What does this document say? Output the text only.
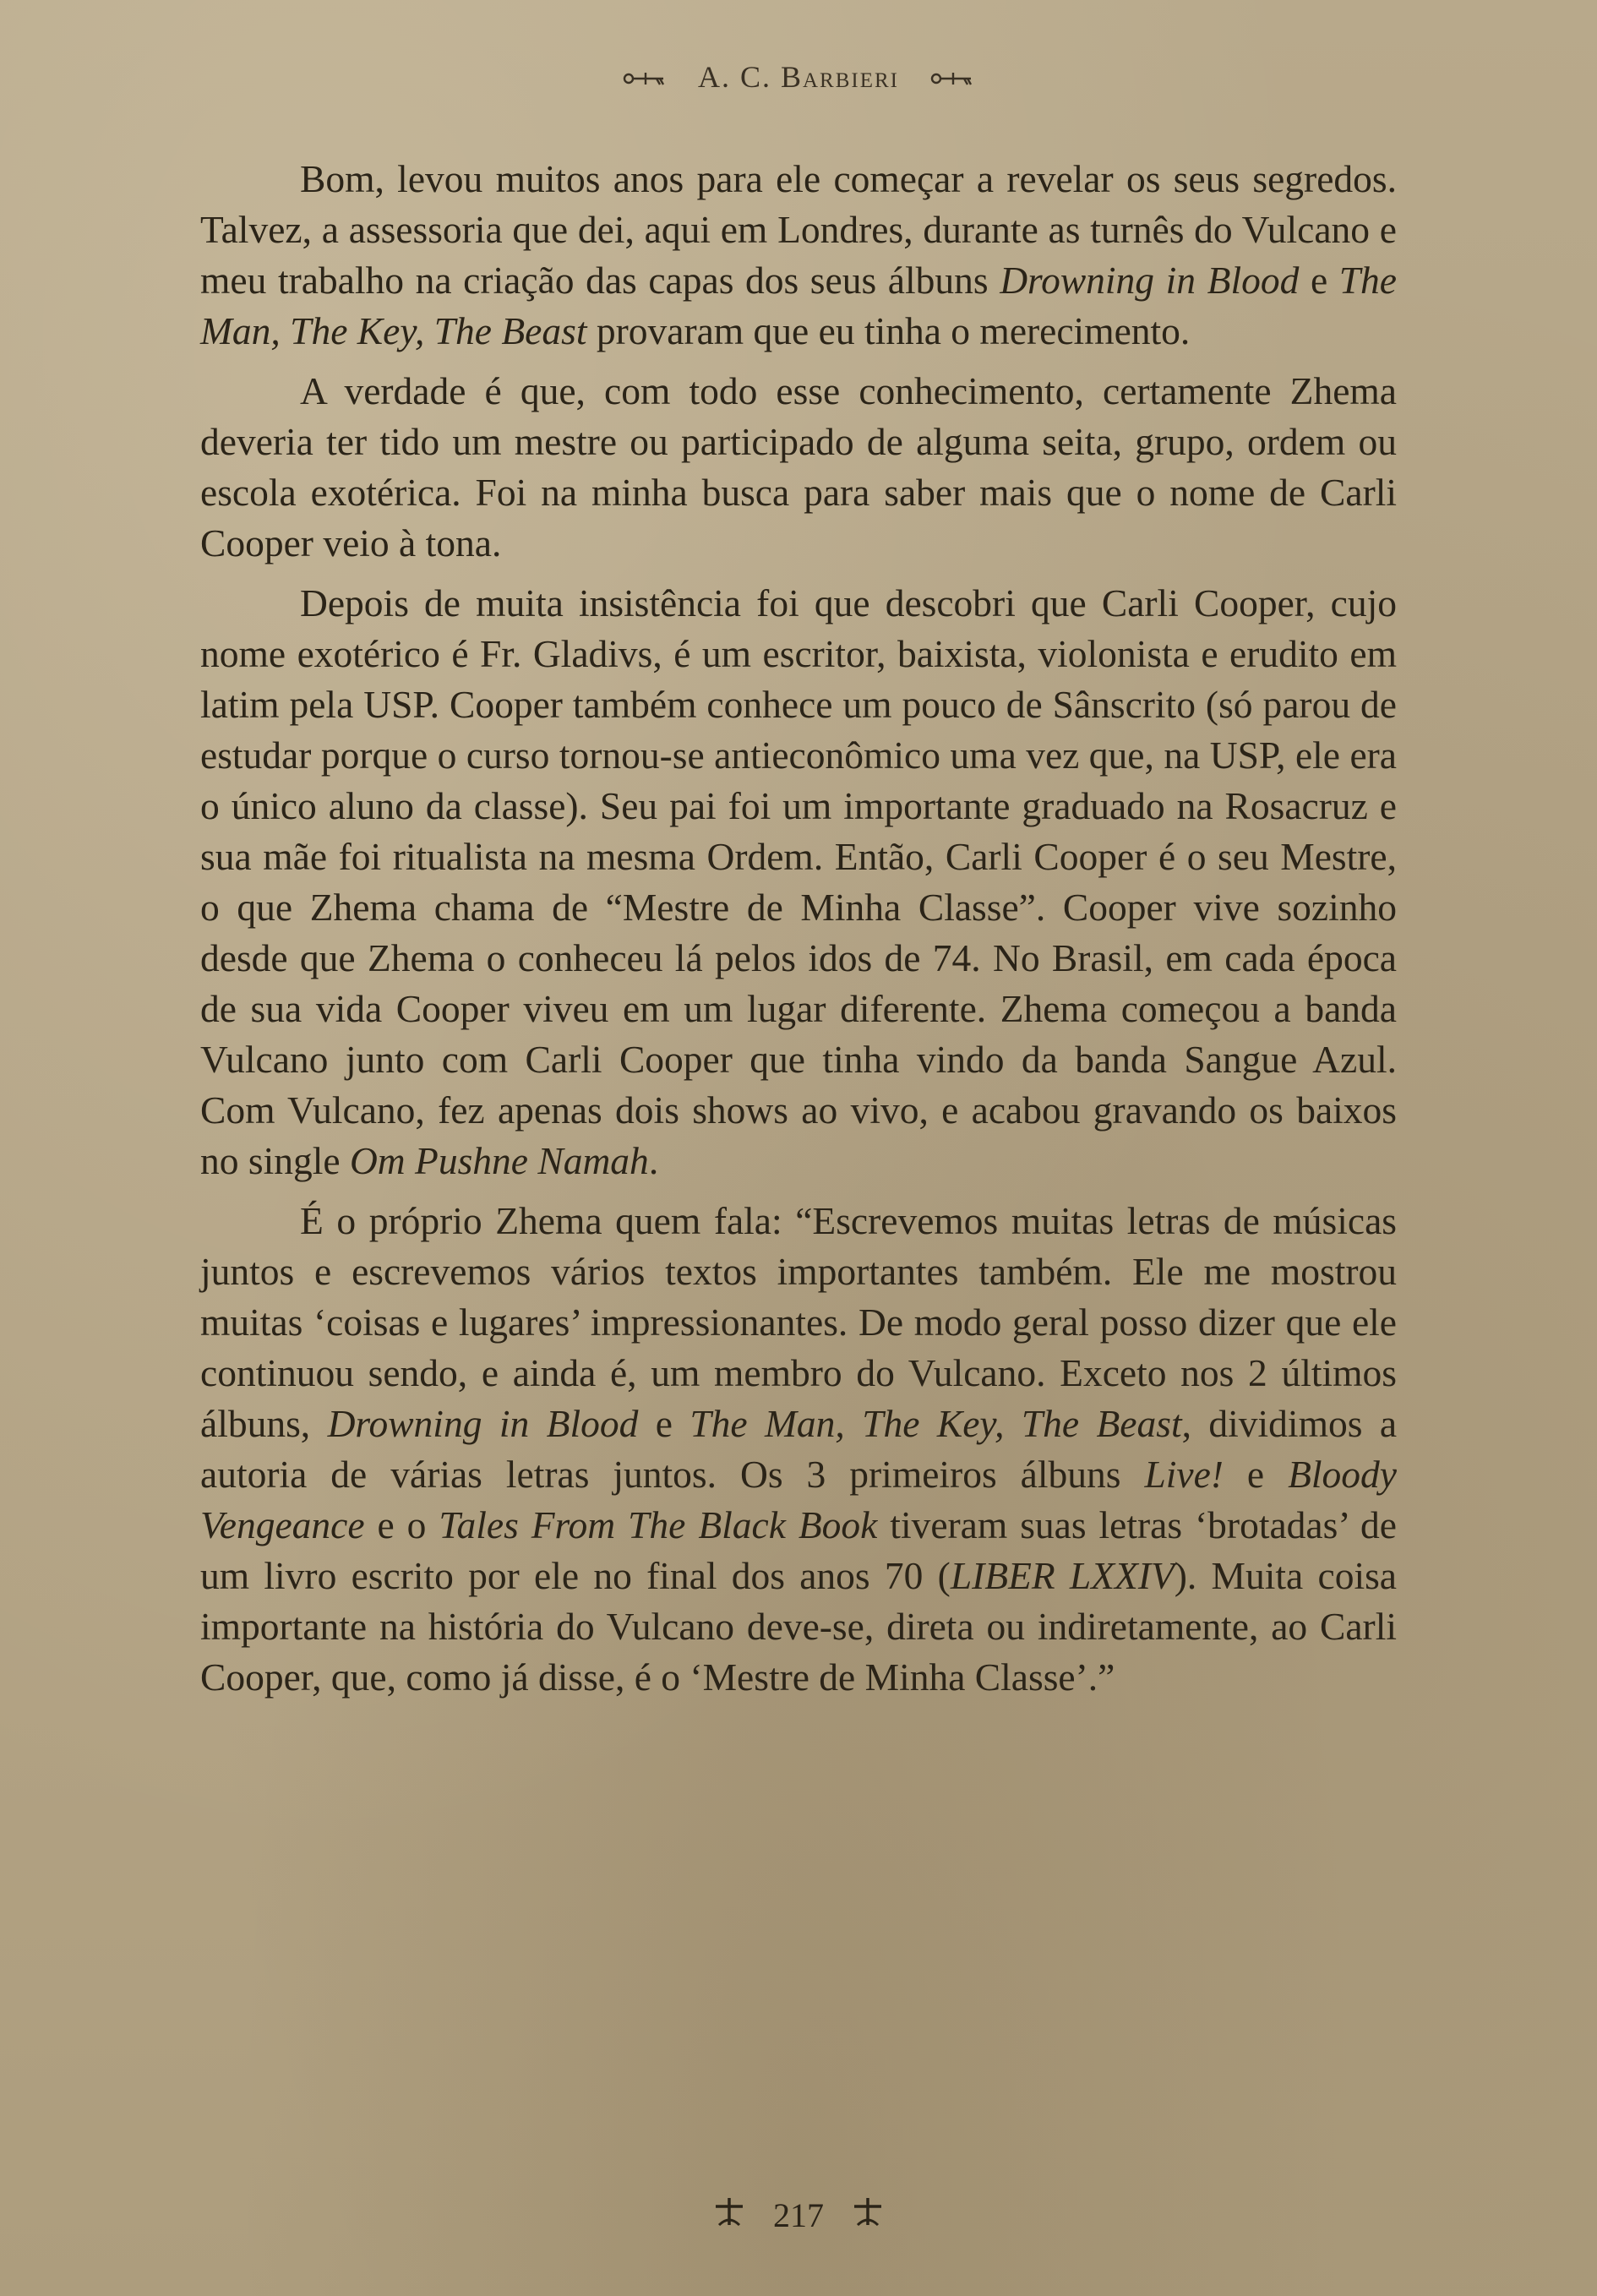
A. C. Barbieri

Bom, levou muitos anos para ele começar a revelar os seus segredos. Talvez, a assessoria que dei, aqui em Londres, durante as turnês do Vulcano e meu trabalho na criação das capas dos seus álbuns Drowning in Blood e The Man, The Key, The Beast provaram que eu tinha o merecimento.

A verdade é que, com todo esse conhecimento, certamente Zhema deveria ter tido um mestre ou participado de alguma seita, grupo, ordem ou escola exotérica. Foi na minha busca para saber mais que o nome de Carli Cooper veio à tona.

Depois de muita insistência foi que descobri que Carli Cooper, cujo nome exotérico é Fr. Gladivs, é um escritor, baixista, violonista e erudito em latim pela USP. Cooper também conhece um pouco de Sânscrito (só parou de estudar porque o curso tornou-se antieconômico uma vez que, na USP, ele era o único aluno da classe). Seu pai foi um importante graduado na Rosacruz e sua mãe foi ritualista na mesma Ordem. Então, Carli Cooper é o seu Mestre, o que Zhema chama de “Mestre de Minha Classe”. Cooper vive sozinho desde que Zhema o conheceu lá pelos idos de 74. No Brasil, em cada época de sua vida Cooper viveu em um lugar diferente. Zhema começou a banda Vulcano junto com Carli Cooper que tinha vindo da banda Sangue Azul. Com Vulcano, fez apenas dois shows ao vivo, e acabou gravando os baixos no single Om Pushne Namah.

É o próprio Zhema quem fala: “Escrevemos muitas letras de músicas juntos e escrevemos vários textos importantes também. Ele me mostrou muitas ‘coisas e lugares’ impressionantes. De modo geral posso dizer que ele continuou sendo, e ainda é, um membro do Vulcano. Exceto nos 2 últimos álbuns, Drowning in Blood e The Man, The Key, The Beast, dividimos a autoria de várias letras juntos. Os 3 primeiros álbuns Live! e Bloody Vengeance e o Tales From The Black Book tiveram suas letras ‘brotadas’ de um livro escrito por ele no final dos anos 70 (LIBER LXXIV). Muita coisa importante na história do Vulcano deve-se, direta ou indiretamente, ao Carli Cooper, que, como já disse, é o ‘Mestre de Minha Classe’.”

217
